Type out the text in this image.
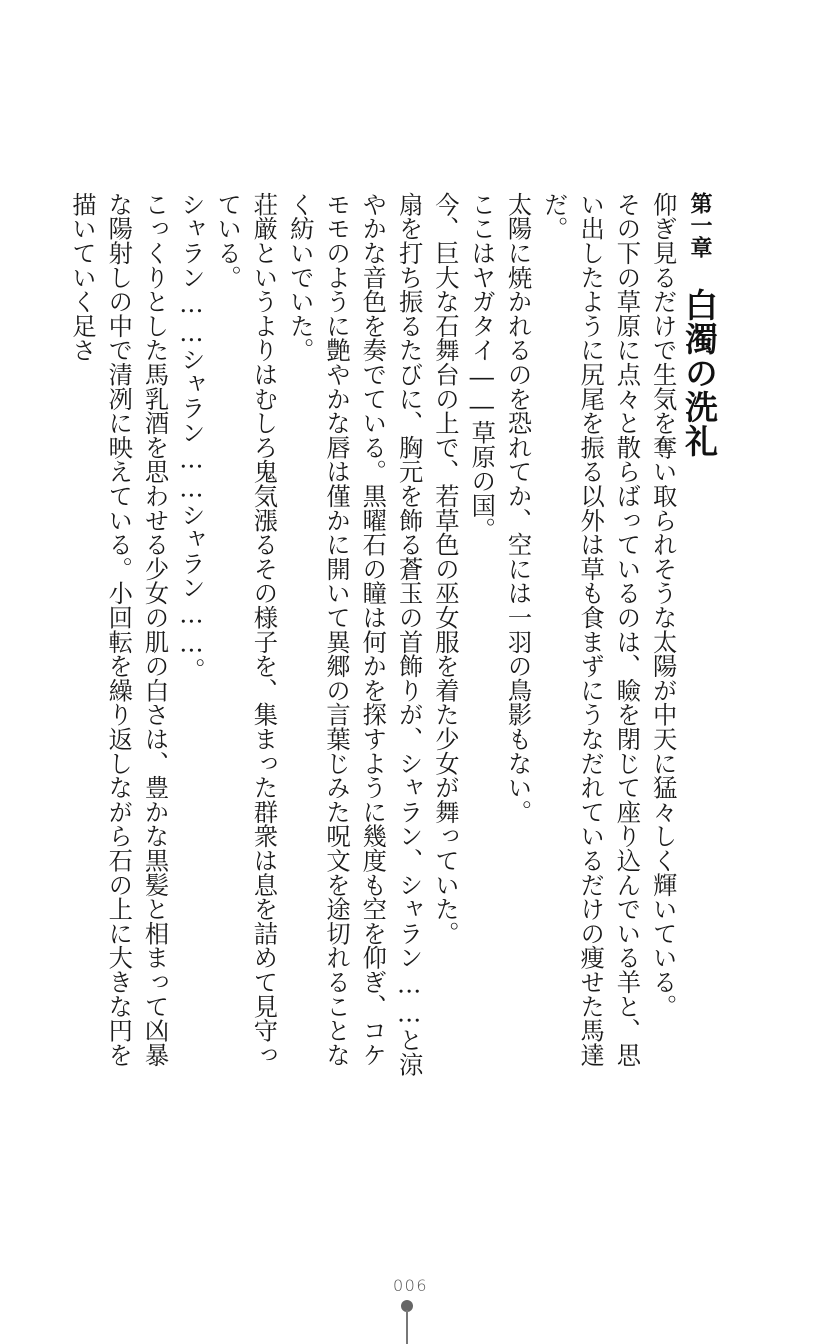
第一章白濁の洗礼

仰ぎ見るだけで生気を奪い取られそうな太陽が中天に猛々しく輝いている。

その下の草原に点々と散らばっているのは、瞼を閉じて座り込んでいる羊と、思い出したように尻尾を振る以外は草も食まずにうなだれているだけの痩せた馬達だ。

太陽に焼かれるのを恐れてか、空には一羽の鳥影もない。

ここはヤガタイ――草原の国。

今、巨大な石舞台の上で、若草色の巫女服を着た少女が舞っていた。

扇を打ち振るたびに、胸元を飾る蒼玉の首飾りが、シャラン、シャラン……と涼やかな音色を奏でている。黒曜石の瞳は何かを探すように幾度も空を仰ぎ、コケモモのように艶やかな唇は僅かに開いて異郷の言葉じみた呪文を途切れることなく紡いでいた。

荘厳というよりはむしろ鬼気漲るその様子を、集まった群衆は息を詰めて見守っている。

シャラン……シャラン……シャラン……。

こっくりとした馬乳酒を思わせる少女の肌の白さは、豊かな黒髪と相まって凶暴な陽射しの中で清冽に映えている。小回転を繰り返しながら石の上に大きな円を描いていく足さ

006
